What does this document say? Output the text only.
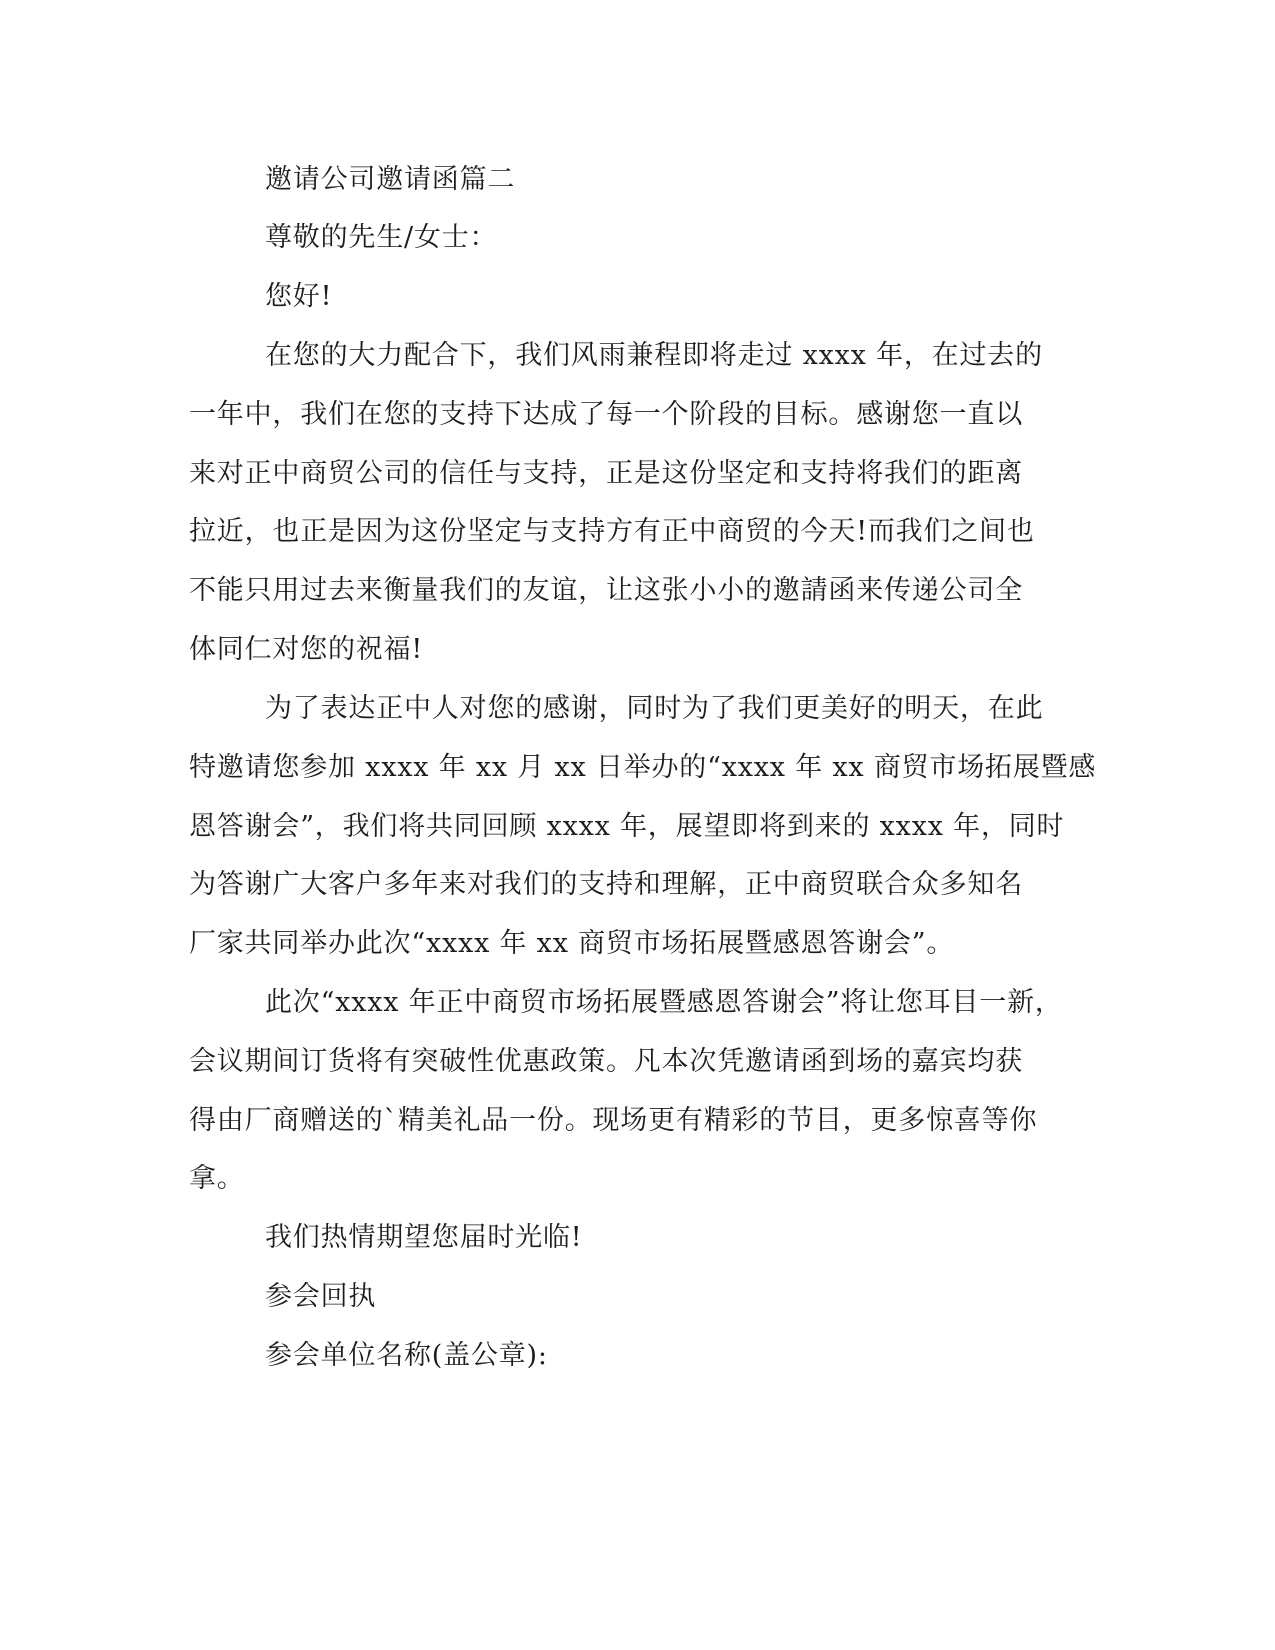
邀请公司邀请函篇二
尊敬的先生/女士：
您好!
在您的大力配合下，我们风雨兼程即将走过 xxxx 年，在过去的
一年中，我们在您的支持下达成了每一个阶段的目标。感谢您一直以
来对正中商贸公司的信任与支持，正是这份坚定和支持将我们的距离
拉近，也正是因为这份坚定与支持方有正中商贸的今天!而我们之间也
不能只用过去来衡量我们的友谊，让这张小小的邀請函来传递公司全
体同仁对您的祝福!
为了表达正中人对您的感谢，同时为了我们更美好的明天，在此
特邀请您参加 xxxx 年 xx 月 xx 日举办的“xxxx 年 xx 商贸市场拓展暨感
恩答谢会”，我们将共同回顾 xxxx 年，展望即将到来的 xxxx 年，同时
为答谢广大客户多年来对我们的支持和理解，正中商贸联合众多知名
厂家共同举办此次“xxxx 年 xx 商贸市场拓展暨感恩答谢会”。
此次“xxxx 年正中商贸市场拓展暨感恩答谢会”将让您耳目一新，
会议期间订货将有突破性优惠政策。凡本次凭邀请函到场的嘉宾均获
得由厂商赠送的`精美礼品一份。现场更有精彩的节目，更多惊喜等你
拿。
我们热情期望您届时光临!
参会回执
参会单位名称(盖公章):
